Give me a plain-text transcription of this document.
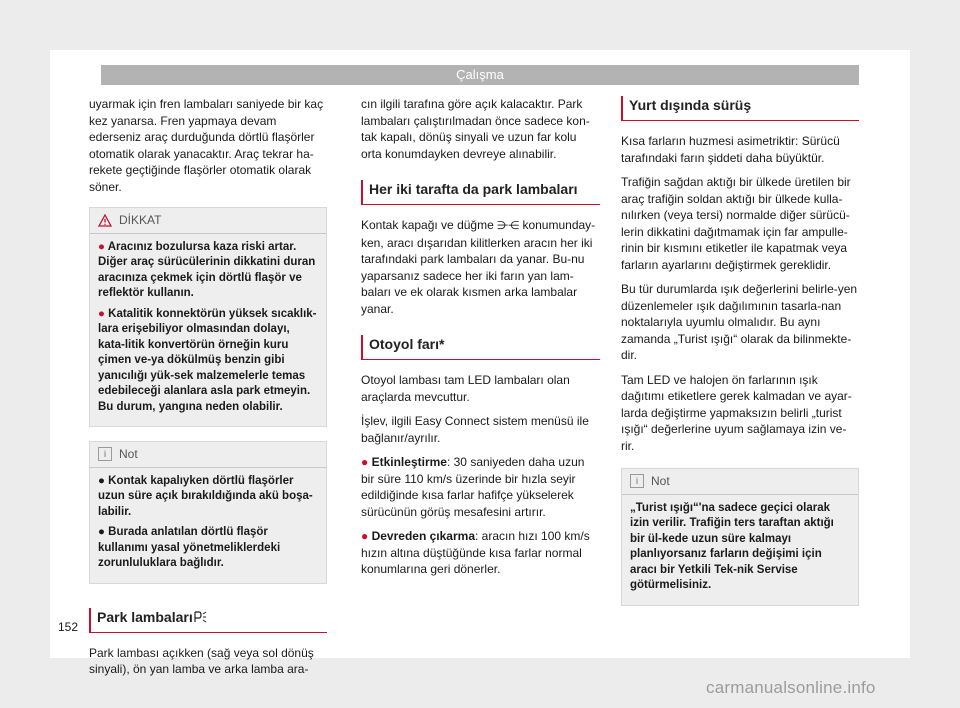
Çalışma

uyarmak için fren lambaları saniyede bir kaç kez yanarsa. Fren yapmaya devam ederseniz araç durduğunda dörtlü flaşörler otomatik olarak yanacaktır. Araç tekrar ha-rekete geçtiğinde flaşörler otomatik olarak söner.

DİKKAT

● Aracınız bozulursa kaza riski artar. Diğer araç sürücülerinin dikkatini duran aracınıza çekmek için dörtlü flaşör ve reflektör kullanın.

● Katalitik konnektörün yüksek sıcaklık-lara erişebiliyor olmasından dolayı, kata-litik konvertörün örneğin kuru çimen ve-ya dökülmüş benzin gibi yanıcılığı yük-sek malzemelerle temas edebileceği alanlara asla park etmeyin. Bu durum, yangına neden olabilir.

i	Not

● Kontak kapalıyken dörtlü flaşörler uzun süre açık bırakıldığında akü boşa-labilir.

● Burada anlatılan dörtlü flaşör kullanımı yasal yönetmeliklerdeki zorunluluklara bağlıdır.

Park lambaları

Park lambası açıkken (sağ veya sol dönüş sinyali), ön yan lamba ve arka lamba ara-

cın ilgili tarafına göre açık kalacaktır. Park lambaları çalıştırılmadan önce sadece kon-tak kapalı, dönüş sinyali ve uzun far kolu orta konumdayken devreye alınabilir.

Her iki tarafta da park lambaları

Kontak kapağı ve düğme ⋺⋲ konumunday-ken, aracı dışarıdan kilitlerken aracın her iki tarafındaki park lambaları da yanar. Bu-nu yaparsanız sadece her iki farın yan lam-baları ve ek olarak kısmen arka lambalar yanar.

Otoyol farı*

Otoyol lambası tam LED lambaları olan araçlarda mevcuttur.

İşlev, ilgili Easy Connect sistem menüsü ile bağlanır/ayrılır.

● Etkinleştirme: 30 saniyeden daha uzun bir süre 110 km/s üzerinde bir hızla seyir edildiğinde kısa farlar hafifçe yükselerek sürücünün görüş mesafesini artırır.

● Devreden çıkarma: aracın hızı 100 km/s hızın altına düştüğünde kısa farlar normal konumlarına geri dönerler.

Yurt dışında sürüş

Kısa farların huzmesi asimetriktir: Sürücü tarafındaki farın şiddeti daha büyüktür.

Trafiğin sağdan aktığı bir ülkede üretilen bir araç trafiğin soldan aktığı bir ülkede kulla-nılırken (veya tersi) normalde diğer sürücü-lerin dikkatini dağıtmamak için far ampulle-rinin bir kısmını etiketler ile kapatmak veya farların ayarlarını değiştirmek gereklidir.

Bu tür durumlarda ışık değerlerini belirle-yen düzenlemeler ışık dağılımının tasarla-nan noktalarıyla uyumlu olmalıdır. Bu aynı zamanda „Turist ışığı“ olarak da bilinmekte-dir.

Tam LED ve halojen ön farlarının ışık dağıtımı etiketlere gerek kalmadan ve ayar-larda değiştirme yapmaksızın belirli „turist ışığı“ değerlerine uyum sağlamaya izin ve-rir.

i	Not

„Turist ışığı“'na sadece geçici olarak izin verilir. Trafiğin ters taraftan aktığı bir ül-kede uzun süre kalmayı planlıyorsanız farların değişimi için aracı bir Yetkili Tek-nik Servise götürmelisiniz.

152
carmanualsonline.info
